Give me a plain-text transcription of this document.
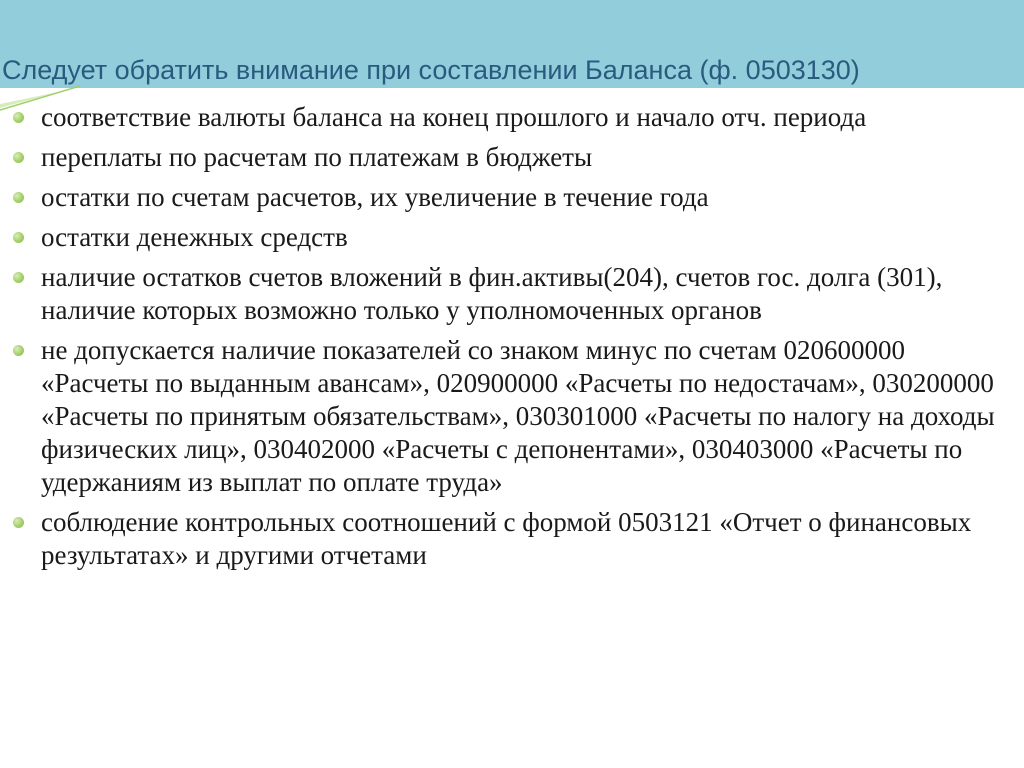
Следует обратить внимание при составлении Баланса (ф. 0503130)
соответствие валюты баланса на конец прошлого и начало отч. периода
переплаты по расчетам по платежам в бюджеты
остатки по счетам расчетов, их увеличение в течение года
остатки денежных средств
наличие остатков счетов вложений в фин.активы(204), счетов гос. долга (301), наличие которых возможно только у уполномоченных органов
не допускается наличие показателей со знаком минус по счетам 020600000 «Расчеты по выданным авансам», 020900000 «Расчеты по недостачам», 030200000 «Расчеты по принятым обязательствам», 030301000 «Расчеты по налогу на доходы физических лиц», 030402000 «Расчеты с депонентами», 030403000 «Расчеты по удержаниям из выплат по оплате труда»
соблюдение контрольных соотношений с формой 0503121 «Отчет о финансовых результатах» и другими отчетами
